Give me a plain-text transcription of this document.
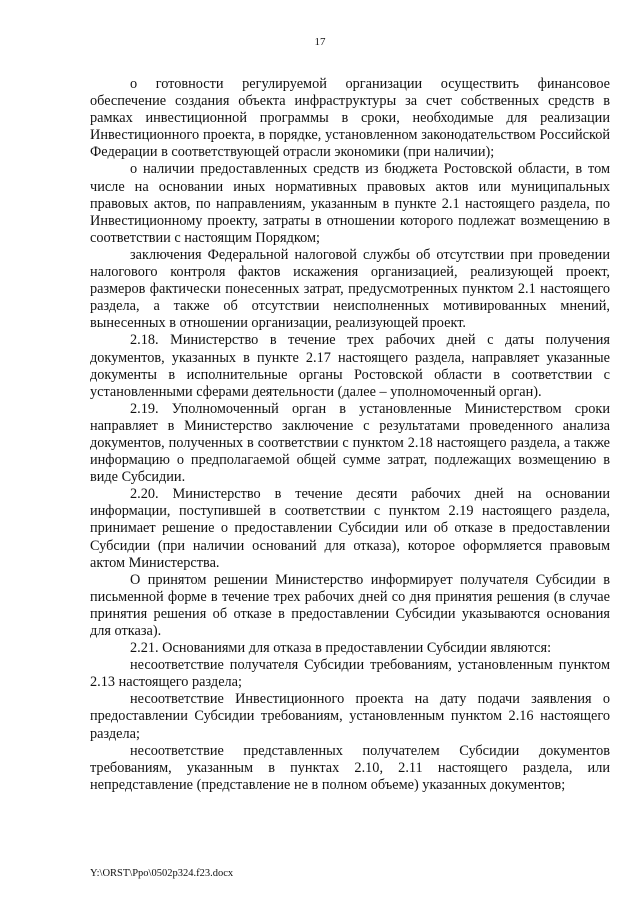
17

о готовности регулируемой организации осуществить финансовое обеспечение создания объекта инфраструктуры за счет собственных средств в рамках инвестиционной программы в сроки, необходимые для реализации Инвестиционного проекта, в порядке, установленном законодательством Российской Федерации в соответствующей отрасли экономики (при наличии);

о наличии предоставленных средств из бюджета Ростовской области, в том числе на основании иных нормативных правовых актов или муниципальных правовых актов, по направлениям, указанным в пункте 2.1 настоящего раздела, по Инвестиционному проекту, затраты в отношении которого подлежат возмещению в соответствии с настоящим Порядком;

заключения Федеральной налоговой службы об отсутствии при проведении налогового контроля фактов искажения организацией, реализующей проект, размеров фактически понесенных затрат, предусмотренных пунктом 2.1 настоящего раздела, а также об отсутствии неисполненных мотивированных мнений, вынесенных в отношении организации, реализующей проект.

2.18. Министерство в течение трех рабочих дней с даты получения документов, указанных в пункте 2.17 настоящего раздела, направляет указанные документы в исполнительные органы Ростовской области в соответствии с установленными сферами деятельности (далее – уполномоченный орган).

2.19. Уполномоченный орган в установленные Министерством сроки направляет в Министерство заключение с результатами проведенного анализа документов, полученных в соответствии с пунктом 2.18 настоящего раздела, а также информацию о предполагаемой общей сумме затрат, подлежащих возмещению в виде Субсидии.

2.20. Министерство в течение десяти рабочих дней на основании информации, поступившей в соответствии с пунктом 2.19 настоящего раздела, принимает решение о предоставлении Субсидии или об отказе в предоставлении Субсидии (при наличии оснований для отказа), которое оформляется правовым актом Министерства.

О принятом решении Министерство информирует получателя Субсидии в письменной форме в течение трех рабочих дней со дня принятия решения (в случае принятия решения об отказе в предоставлении Субсидии указываются основания для отказа).

2.21. Основаниями для отказа в предоставлении Субсидии являются:

несоответствие получателя Субсидии требованиям, установленным пунктом 2.13 настоящего раздела;

несоответствие Инвестиционного проекта на дату подачи заявления о предоставлении Субсидии требованиям, установленным пунктом 2.16 настоящего раздела;

несоответствие представленных получателем Субсидии документов требованиям, указанным в пунктах 2.10, 2.11 настоящего раздела, или непредставление (представление не в полном объеме) указанных документов;

Y:\ORST\Ppo\0502p324.f23.docx
